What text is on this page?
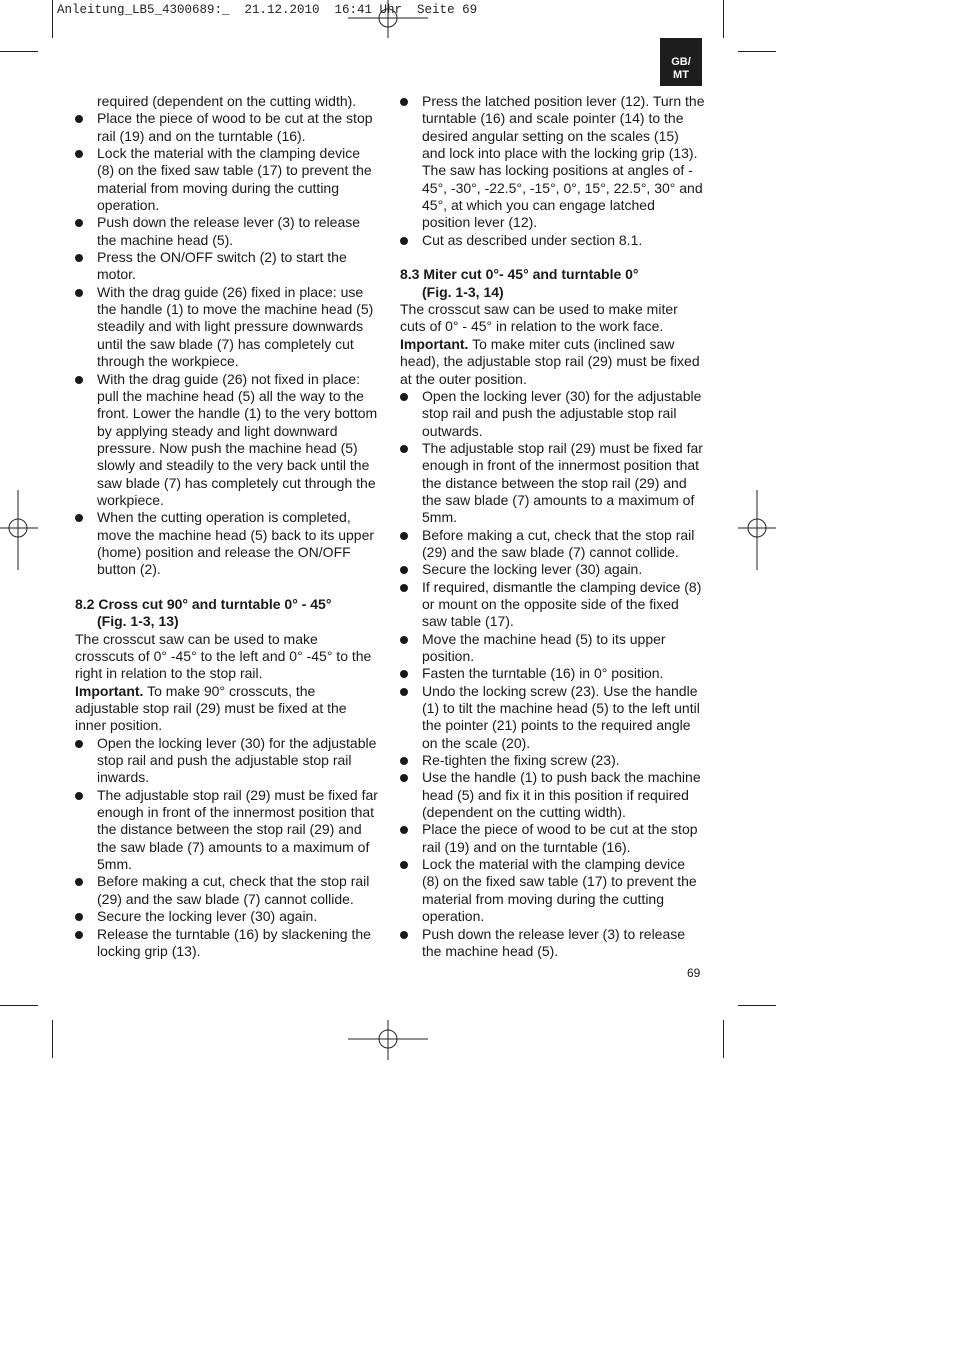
Anleitung_LB5_4300689:_  21.12.2010  16:41 Uhr  Seite 69
GB/
MT
required (dependent on the cutting width).
Place the piece of wood to be cut at the stop rail (19) and on the turntable (16).
Lock the material with the clamping device (8) on the fixed saw table (17) to prevent the material from moving during the cutting operation.
Push down the release lever (3) to release the machine head (5).
Press the ON/OFF switch (2) to start the motor.
With the drag guide (26) fixed in place: use the handle (1) to move the machine head (5) steadily and with light pressure downwards until the saw blade (7) has completely cut through the workpiece.
With the drag guide (26) not fixed in place: pull the machine head (5) all the way to the front. Lower the handle (1) to the very bottom by applying steady and light downward pressure. Now push the machine head (5) slowly and steadily to the very back until the saw blade (7) has completely cut through the workpiece.
When the cutting operation is completed, move the machine head (5) back to its upper (home) position and release the ON/OFF button (2).
8.2 Cross cut 90° and turntable 0° - 45°
(Fig. 1-3, 13)
The crosscut saw can be used to make crosscuts of 0° -45° to the left and 0° -45° to the right in relation to the stop rail.
Important. To make 90° crosscuts, the adjustable stop rail (29) must be fixed at the inner position.
Open the locking lever (30) for the adjustable stop rail and push the adjustable stop rail inwards.
The adjustable stop rail (29) must be fixed far enough in front of the innermost position that the distance between the stop rail (29) and the saw blade (7) amounts to a maximum of 5mm.
Before making a cut, check that the stop rail (29) and the saw blade (7) cannot collide.
Secure the locking lever (30) again.
Release the turntable (16) by slackening the locking grip (13).
Press the latched position lever (12). Turn the turntable (16) and scale pointer (14) to the desired angular setting on the scales (15) and lock into place with the locking grip (13). The saw has locking positions at angles of - 45°, -30°, -22.5°, -15°, 0°, 15°, 22.5°, 30° and 45°, at which you can engage latched position lever (12).
Cut as described under section 8.1.
8.3 Miter cut 0°- 45° and turntable 0°
(Fig. 1-3, 14)
The crosscut saw can be used to make miter cuts of 0° - 45° in relation to the work face.
Important. To make miter cuts (inclined saw head), the adjustable stop rail (29) must be fixed at the outer position.
Open the locking lever (30) for the adjustable stop rail and push the adjustable stop rail outwards.
The adjustable stop rail (29) must be fixed far enough in front of the innermost position that the distance between the stop rail (29) and the saw blade (7) amounts to a maximum of 5mm.
Before making a cut, check that the stop rail (29) and the saw blade (7) cannot collide.
Secure the locking lever (30) again.
If required, dismantle the clamping device (8) or mount on the opposite side of the fixed saw table (17).
Move the machine head (5) to its upper position.
Fasten the turntable (16) in 0° position.
Undo the locking screw (23). Use the handle (1) to tilt the machine head (5) to the left until the pointer (21) points to the required angle on the scale (20).
Re-tighten the fixing screw (23).
Use the handle (1) to push back the machine head (5) and fix it in this position if required (dependent on the cutting width).
Place the piece of wood to be cut at the stop rail (19) and on the turntable (16).
Lock the material with the clamping device (8) on the fixed saw table (17) to prevent the material from moving during the cutting operation.
Push down the release lever (3) to release the machine head (5).
69
